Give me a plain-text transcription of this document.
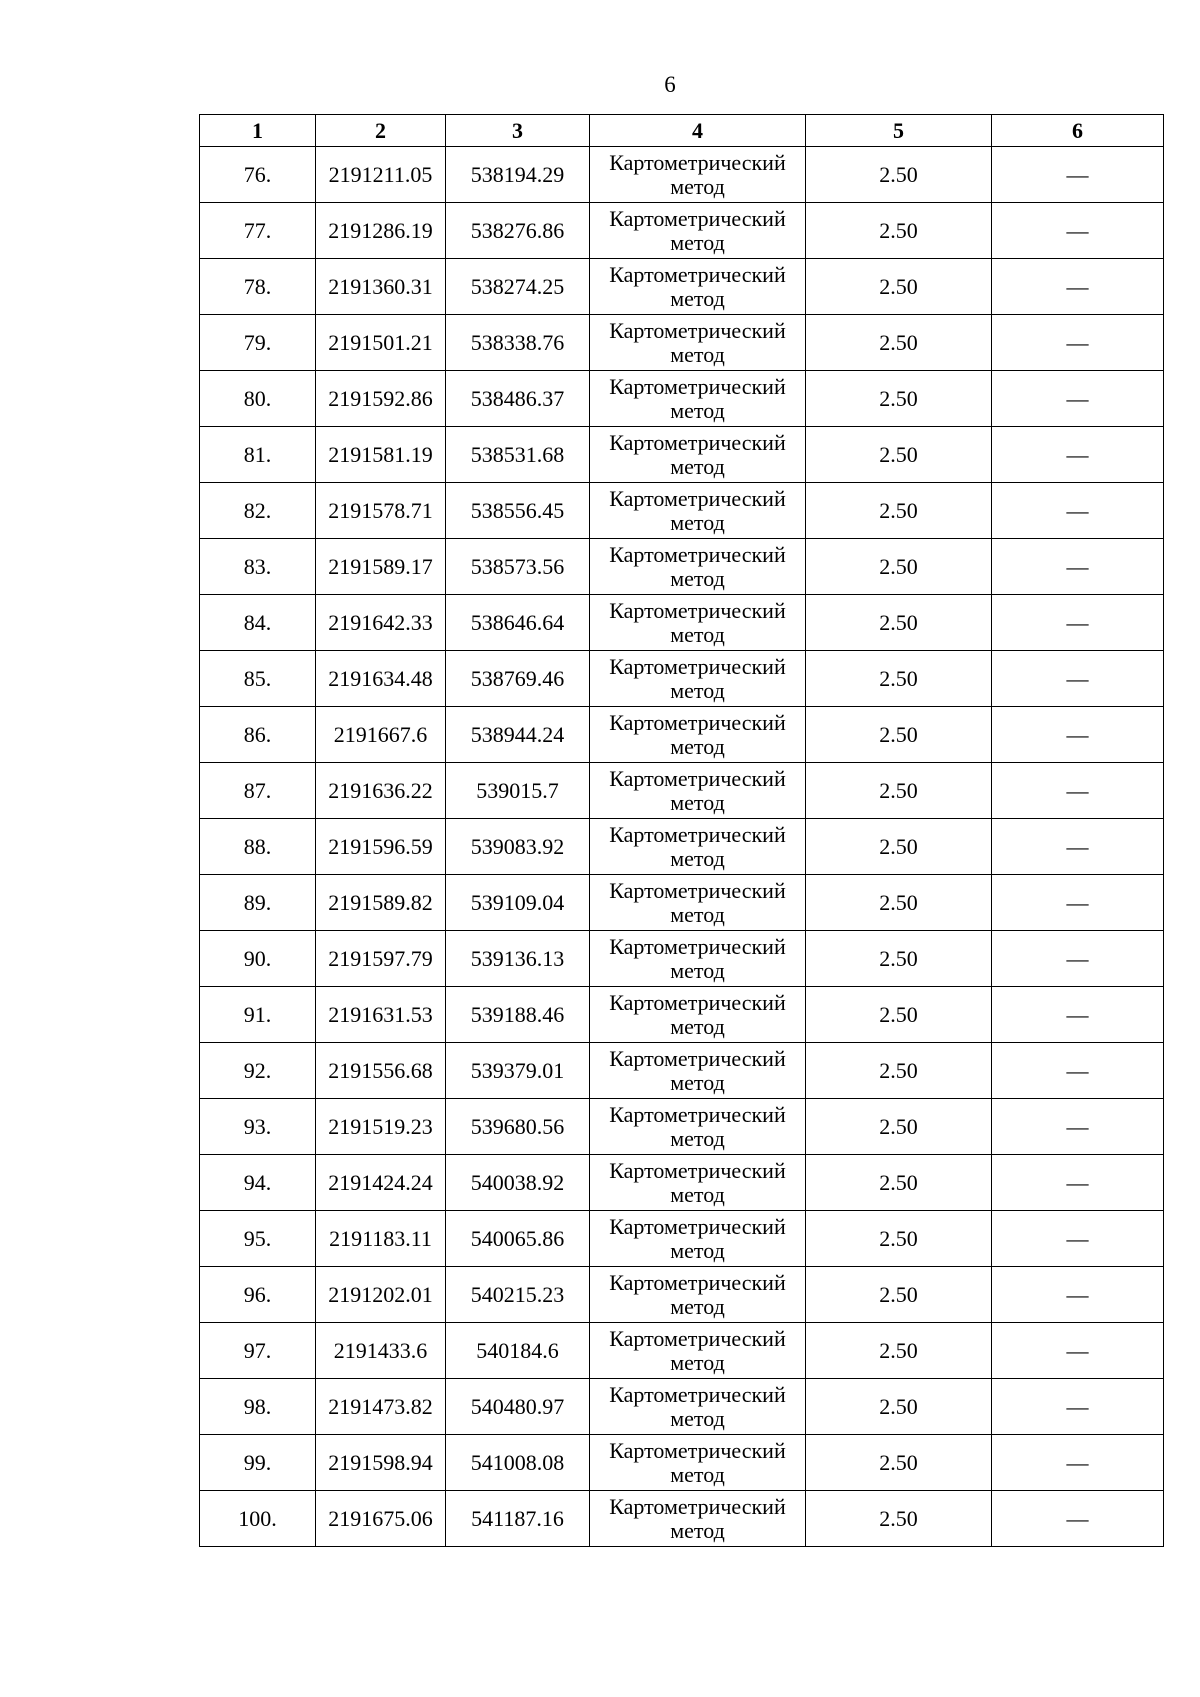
6
1	2	3	4	5	6
76.	2191211.05	538194.29	Картометрический метод	2.50	—
77.	2191286.19	538276.86	Картометрический метод	2.50	—
78.	2191360.31	538274.25	Картометрический метод	2.50	—
79.	2191501.21	538338.76	Картометрический метод	2.50	—
80.	2191592.86	538486.37	Картометрический метод	2.50	—
81.	2191581.19	538531.68	Картометрический метод	2.50	—
82.	2191578.71	538556.45	Картометрический метод	2.50	—
83.	2191589.17	538573.56	Картометрический метод	2.50	—
84.	2191642.33	538646.64	Картометрический метод	2.50	—
85.	2191634.48	538769.46	Картометрический метод	2.50	—
86.	2191667.6	538944.24	Картометрический метод	2.50	—
87.	2191636.22	539015.7	Картометрический метод	2.50	—
88.	2191596.59	539083.92	Картометрический метод	2.50	—
89.	2191589.82	539109.04	Картометрический метод	2.50	—
90.	2191597.79	539136.13	Картометрический метод	2.50	—
91.	2191631.53	539188.46	Картометрический метод	2.50	—
92.	2191556.68	539379.01	Картометрический метод	2.50	—
93.	2191519.23	539680.56	Картометрический метод	2.50	—
94.	2191424.24	540038.92	Картометрический метод	2.50	—
95.	2191183.11	540065.86	Картометрический метод	2.50	—
96.	2191202.01	540215.23	Картометрический метод	2.50	—
97.	2191433.6	540184.6	Картометрический метод	2.50	—
98.	2191473.82	540480.97	Картометрический метод	2.50	—
99.	2191598.94	541008.08	Картометрический метод	2.50	—
100.	2191675.06	541187.16	Картометрический метод	2.50	—
